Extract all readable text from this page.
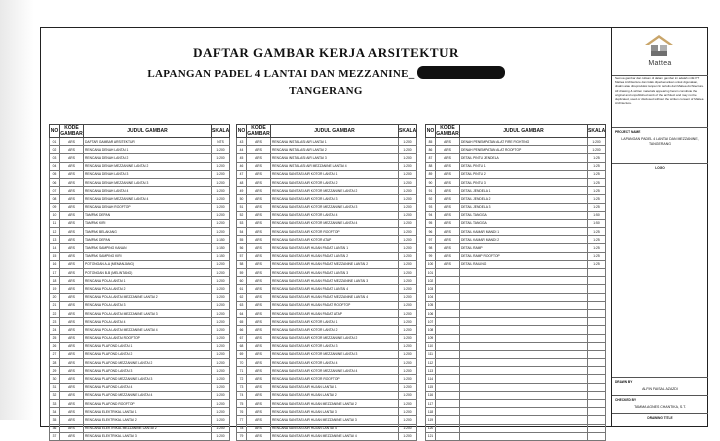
DAFTAR GAMBAR KERJA ARSITEKTUR
LAPANGAN PADEL 4 LANTAI DAN MEZZANINE_
TANGERANG
NO	KODE GAMBAR	JUDUL GAMBAR	SKALA
01	ARS	DAFTAR GAMBAR ARSITEKTUR	NTS
02	ARS	RENCANA DENAH LANTAI 1	1:200
03	ARS	RENCANA DENAH LANTAI 2	1:200
04	ARS	RENCANA DENAH MEZZANINE LANTAI 2	1:200
05	ARS	RENCANA DENAH LANTAI 3	1:200
06	ARS	RENCANA DENAH MEZZANINE LANTAI 3	1:200
07	ARS	RENCANA DENAH LANTAI 4	1:200
08	ARS	RENCANA DENAH MEZZANINE LANTAI 4	1:200
09	ARS	RENCANA DENAH ROOFTOP	1:200
10	ARS	TAMPAK DEPAN	1:200
11	ARS	TAMPAK KIRI	1:200
12	ARS	TAMPAK BELAKANG	1:200
13	ARS	TAMPAK DEPAN	1:150
14	ARS	TAMPAK SAMPING KANAN	1:150
15	ARS	TAMPAK SAMPING KIRI	1:150
16	ARS	POTONGAN A-A (MEMANJANG)	1:200
17	ARS	POTONGAN B-B (MELINTANG)	1:200
18	ARS	RENCANA POLA LANTAI 1	1:200
19	ARS	RENCANA POLA LANTAI 2	1:200
20	ARS	RENCANA POLA LANTAI MEZZANINE LANTAI 2	1:200
21	ARS	RENCANA POLA LANTAI 3	1:200
22	ARS	RENCANA POLA LANTAI MEZZANINE LANTAI 3	1:200
23	ARS	RENCANA POLA LANTAI 4	1:200
24	ARS	RENCANA POLA LANTAI MEZZANINE LANTAI 4	1:200
25	ARS	RENCANA POLA LANTAI ROOFTOP	1:200
26	ARS	RENCANA PLAFOND LANTAI 1	1:200
27	ARS	RENCANA PLAFOND LANTAI 2	1:200
28	ARS	RENCANA PLAFOND MEZZANINE LANTAI 2	1:200
29	ARS	RENCANA PLAFOND LANTAI 3	1:200
30	ARS	RENCANA PLAFOND MEZZANINE LANTAI 3	1:200
31	ARS	RENCANA PLAFOND LANTAI 4	1:200
32	ARS	RENCANA PLAFOND MEZZANINE LANTAI 4	1:200
33	ARS	RENCANA PLAFOND ROOFTOP	1:200
34	ARS	RENCANA ELEKTRIKAL LANTAI 1	1:200
35	ARS	RENCANA ELEKTRIKAL LANTAI 2	1:200
36	ARS	RENCANA ELEKTRIKAL MEZZANINE LANTAI 2	1:200
37	ARS	RENCANA ELEKTRIKAL LANTAI 3	1:200
NO	KODE GAMBAR	JUDUL GAMBAR	SKALA
43	ARS	RENCANA INSTALASI AIR LANTAI 1	1:200
44	ARS	RENCANA INSTALASI AIR LANTAI 2	1:200
45	ARS	RENCANA INSTALASI AIR LANTAI 3	1:200
46	ARS	RENCANA INSTALASI AIR MEZZANINE LANTAI 4	1:200
47	ARS	RENCANA SANITASI AIR KOTOR LANTAI 1	1:200
48	ARS	RENCANA SANITASI AIR KOTOR LANTAI 2	1:200
49	ARS	RENCANA SANITASI AIR KOTOR MEZZANINE LANTAI 2	1:200
50	ARS	RENCANA SANITASI AIR KOTOR LANTAI 3	1:200
51	ARS	RENCANA SANITASI AIR KOTOR MEZZANINE LANTAI 3	1:200
52	ARS	RENCANA SANITASI AIR KOTOR LANTAI 4	1:200
53	ARS	RENCANA SANITASI AIR KOTOR MEZZANINE LANTAI 4	1:200
54	ARS	RENCANA SANITASI AIR KOTOR ROOFTOP	1:200
55	ARS	RENCANA SANITASI AIR KOTOR ATAP	1:200
56	ARS	RENCANA SANITASI AIR HUJAN PADAT LANTAI 1	1:200
57	ARS	RENCANA SANITASI AIR HUJAN PADAT LANTAI 2	1:200
58	ARS	RENCANA SANITASI AIR HUJAN PADAT MEZZANINE LANTAI 2	1:200
59	ARS	RENCANA SANITASI AIR HUJAN PADAT LANTAI 3	1:200
60	ARS	RENCANA SANITASI AIR HUJAN PADAT MEZZANINE LANTAI 3	1:200
61	ARS	RENCANA SANITASI AIR HUJAN PADAT LANTAI 4	1:200
62	ARS	RENCANA SANITASI AIR HUJAN PADAT MEZZANINE LANTAI 4	1:200
63	ARS	RENCANA SANITASI AIR HUJAN PADAT ROOFTOP	1:200
64	ARS	RENCANA SANITASI AIR HUJAN PADAT ATAP	1:200
65	ARS	RENCANA SANITASI AIR KOTOR LANTAI 1	1:200
66	ARS	RENCANA SANITASI AIR KOTOR LANTAI 2	1:200
67	ARS	RENCANA SANITASI AIR KOTOR MEZZANINE LANTAI 2	1:200
68	ARS	RENCANA SANITASI AIR KOTOR LANTAI 3	1:200
69	ARS	RENCANA SANITASI AIR KOTOR MEZZANINE LANTAI 3	1:200
70	ARS	RENCANA SANITASI AIR KOTOR LANTAI 4	1:200
71	ARS	RENCANA SANITASI AIR KOTOR MEZZANINE LANTAI 4	1:200
72	ARS	RENCANA SANITASI AIR KOTOR ROOFTOP	1:200
73	ARS	RENCANA SANITASI AIR HUJAN LANTAI 1	1:200
74	ARS	RENCANA SANITASI AIR HUJAN LANTAI 2	1:200
75	ARS	RENCANA SANITASI AIR HUJAN MEZZANINE LANTAI 2	1:200
76	ARS	RENCANA SANITASI AIR HUJAN LANTAI 3	1:200
77	ARS	RENCANA SANITASI AIR HUJAN MEZZANINE LANTAI 3	1:200
78	ARS	RENCANA SANITASI AIR HUJAN LANTAI 4	1:200
79	ARS	RENCANA SANITASI AIR HUJAN MEZZANINE LANTAI 4	1:200
NO	KODE GAMBAR	JUDUL GAMBAR	SKALA
85	ARS	DENAH PENEMPATAN ALAT FIRE FIGHTING	1:200
86	ARS	DENAH PENEMPATAN ALAT ROOFTOP	1:200
87	ARS	DETAIL PINTU JENDELA	1:25
88	ARS	DETAIL PINTU 1	1:25
89	ARS	DETAIL PINTU 2	1:25
90	ARS	DETAIL PINTU 3	1:25
91	ARS	DETAIL JENDELA 1	1:25
92	ARS	DETAIL JENDELA 2	1:25
93	ARS	DETAIL JENDELA 3	1:25
94	ARS	DETAIL TANGGA	1:50
95	ARS	DETAIL TANGGA	1:50
96	ARS	DETAIL KAMAR MANDI 1	1:25
97	ARS	DETAIL KAMAR MANDI 2	1:25
98	ARS	DETAIL RAMP	1:25
99	ARS	DETAIL RAMP ROOFTOP	1:25
100	ARS	DETAIL RAILING	1:25
101			
102			
103			
104			
105			
106			
107			
108			
109			
110			
111			
112			
113			
114			
115			
116			
117			
118			
119			
120			
121			
Mattea
Semua gambar dan tulisan di dalam gambar ini adalah milik PT Mattea Architecture dan tidak diperkenankan untuk digunakan, disalin atau direproduksi tanpa izin tertulis dari Mattea Architecture.
All drawing & written materials appearing herein constitute the original and unpublished work of the architect and may not be duplicated, used or disclosed without the written consent of Mattea Architecture.
PROJECT NAME
LAPANGAN PADEL 4 LANTAI DAN MEZZANINE, TANGERANG
LOGO
DRAWN BY
ALFIN FAISAL AZAZDI
CHECKED BY
TAMMA AGNES CHANTIKA, S.T.
DRAWING TITLE
